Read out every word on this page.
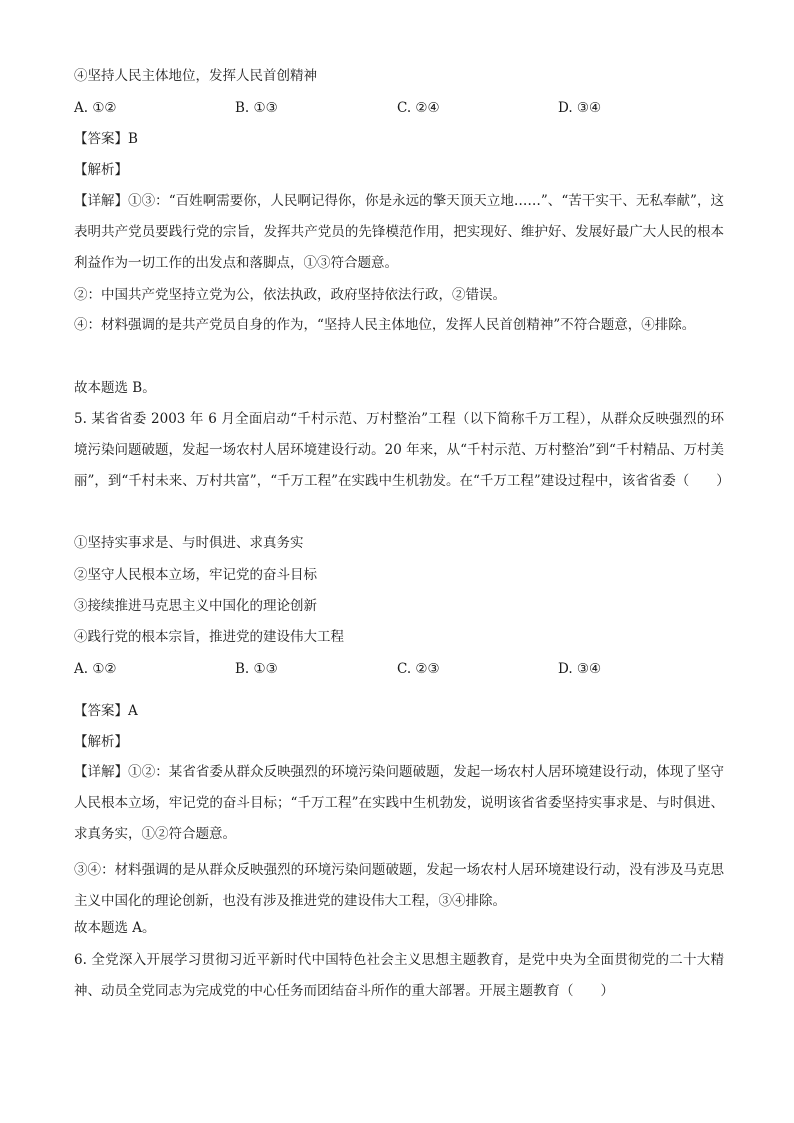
④坚持人民主体地位，发挥人民首创精神
A. ①②	B. ①③	C. ②④	D. ③④
【答案】B
【解析】
【详解】①③：“百姓啊需要你，人民啊记得你，你是永远的擎天顶天立地……”、“苦干实干、无私奉献”，这表明共产党员要践行党的宗旨，发挥共产党员的先锋模范作用，把实现好、维护好、发展好最广大人民的根本利益作为一切工作的出发点和落脚点，①③符合题意。
②：中国共产党坚持立党为公，依法执政，政府坚持依法行政，②错误。
④：材料强调的是共产党员自身的作为，“坚持人民主体地位，发挥人民首创精神”不符合题意，④排除。
故本题选 B。
5. 某省省委 2003 年 6 月全面启动“千村示范、万村整治”工程（以下简称千万工程），从群众反映强烈的环境污染问题破题，发起一场农村人居环境建设行动。20 年来，从“千村示范、万村整治”到“千村精品、万村美丽”，到“千村未来、万村共富”，“千万工程”在实践中生机勃发。在“千万工程”建设过程中，该省省委（　　）
①坚持实事求是、与时俱进、求真务实
②坚守人民根本立场，牢记党的奋斗目标
③接续推进马克思主义中国化的理论创新
④践行党的根本宗旨，推进党的建设伟大工程
A. ①②	B. ①③	C. ②③	D. ③④
【答案】A
【解析】
【详解】①②：某省省委从群众反映强烈的环境污染问题破题，发起一场农村人居环境建设行动，体现了坚守人民根本立场，牢记党的奋斗目标；“千万工程”在实践中生机勃发，说明该省省委坚持实事求是、与时俱进、求真务实，①②符合题意。
③④：材料强调的是从群众反映强烈的环境污染问题破题，发起一场农村人居环境建设行动，没有涉及马克思主义中国化的理论创新，也没有涉及推进党的建设伟大工程，③④排除。
故本题选 A。
6. 全党深入开展学习贯彻习近平新时代中国特色社会主义思想主题教育，是党中央为全面贯彻党的二十大精神、动员全党同志为完成党的中心任务而团结奋斗所作的重大部署。开展主题教育（　　）
